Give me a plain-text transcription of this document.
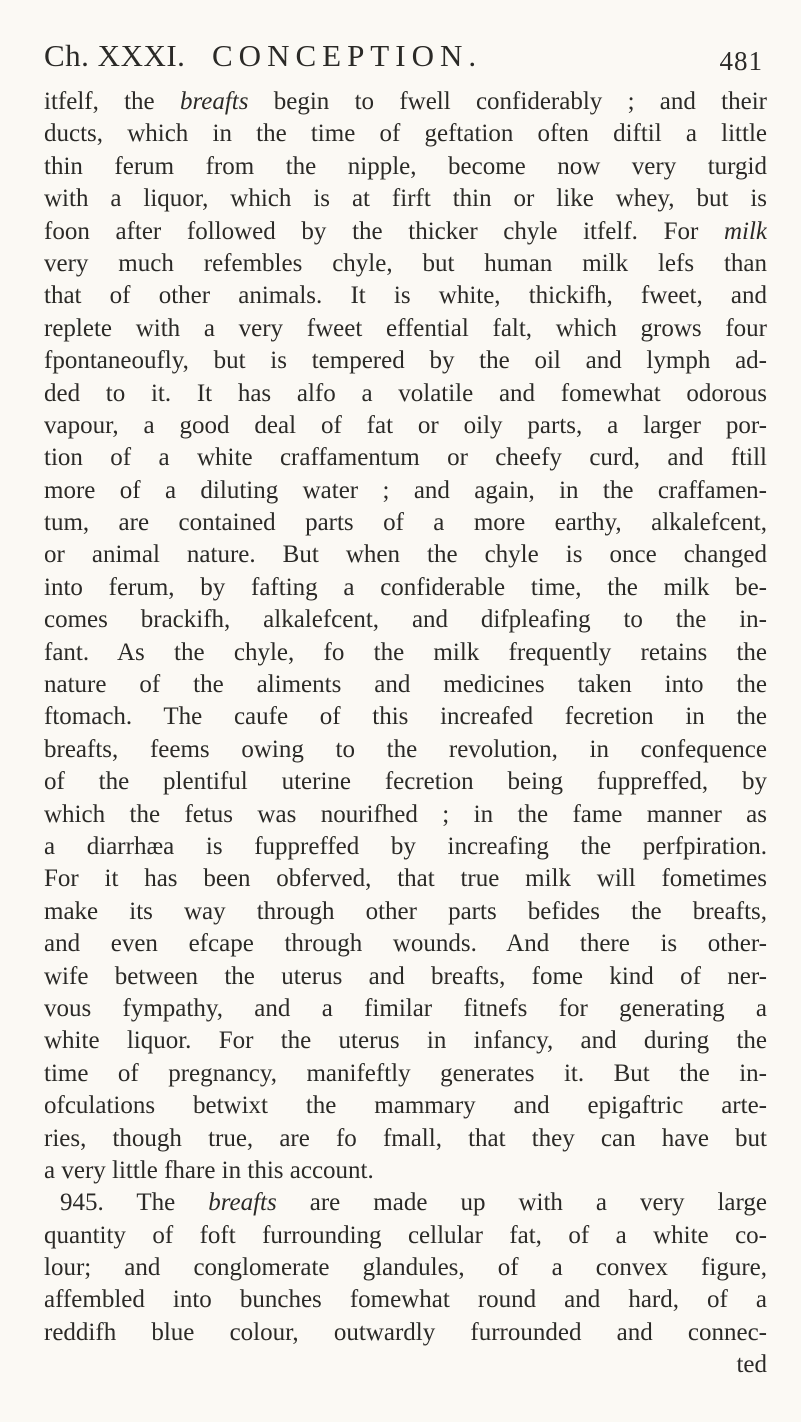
Ch. XXXI. CONCEPTION.	481
itfelf, the breafts begin to fwell confiderably ; and their
ducts, which in the time of geftation often diftil a little
thin ferum from the nipple, become now very turgid
with a liquor, which is at firft thin or like whey, but is
foon after followed by the thicker chyle itfelf. For milk
very much refembles chyle, but human milk lefs than
that of other animals. It is white, thickifh, fweet, and
replete with a very fweet effential falt, which grows four
fpontaneoufly, but is tempered by the oil and lymph ad-
ded to it. It has alfo a volatile and fomewhat odorous
vapour, a good deal of fat or oily parts, a larger por-
tion of a white craffamentum or cheefy curd, and ftill
more of a diluting water ; and again, in the craffamen-
tum, are contained parts of a more earthy, alkalefcent,
or animal nature. But when the chyle is once changed
into ferum, by fafting a confiderable time, the milk be-
comes brackifh, alkalefcent, and difpleafing to the in-
fant. As the chyle, fo the milk frequently retains the
nature of the aliments and medicines taken into the
ftomach. The caufe of this increafed fecretion in the
breafts, feems owing to the revolution, in confequence
of the plentiful uterine fecretion being fuppreffed, by
which the fetus was nourifhed ; in the fame manner as
a diarrhæa is fuppreffed by increafing the perfpiration.
For it has been obferved, that true milk will fometimes
make its way through other parts befides the breafts,
and even efcape through wounds. And there is other-
wife between the uterus and breafts, fome kind of ner-
vous fympathy, and a fimilar fitnefs for generating a
white liquor. For the uterus in infancy, and during the
time of pregnancy, manifeftly generates it. But the in-
ofculations betwixt the mammary and epigaftric arte-
ries, though true, are fo fmall, that they can have but
a very little fhare in this account.
945. The breafts are made up with a very large
quantity of foft furrounding cellular fat, of a white co-
lour; and conglomerate glandules, of a convex figure,
affembled into bunches fomewhat round and hard, of a
reddifh blue colour, outwardly furrounded and connec-
ted
